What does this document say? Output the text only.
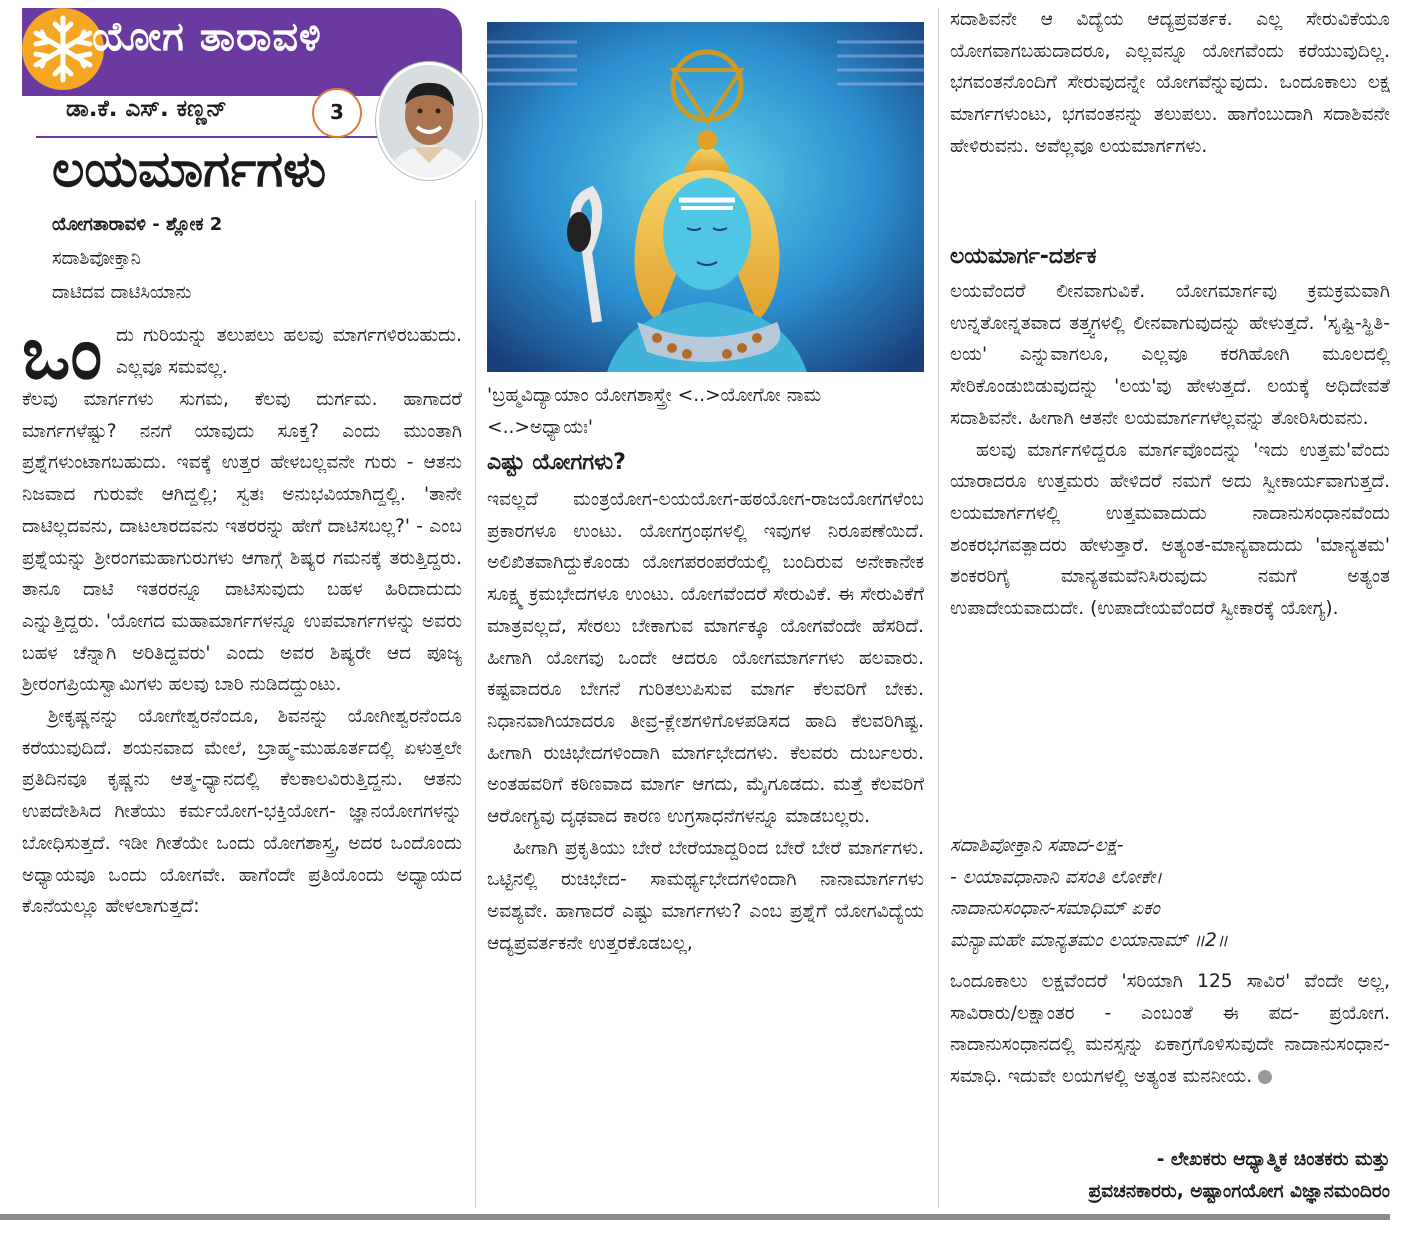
ಯೋಗ ತಾರಾವಳಿ
ಡಾ.ಕೆ. ಎಸ್. ಕಣ್ಣನ್	3
ಲಯಮಾರ್ಗಗಳು
ಯೋಗತಾರಾವಳಿ - ಶ್ಲೋಕ 2
ಸದಾಶಿವೋಕ್ತಾನಿ
ದಾಟಿದವ ದಾಟಿಸಿಯಾನು
ಒಂ ದು ಗುರಿಯನ್ನು ತಲುಪಲು ಹಲವು ಮಾರ್ಗಗಳಿರಬಹುದು. ಎಲ್ಲವೂ ಸಮವಲ್ಲ.
ಕೆಲವು ಮಾರ್ಗಗಳು ಸುಗಮ, ಕೆಲವು ದುರ್ಗಮ. ಹಾಗಾದರೆ ಮಾರ್ಗಗಳೆಷ್ಟು? ನನಗೆ ಯಾವುದು ಸೂಕ್ತ? ಎಂದು ಮುಂತಾಗಿ ಪ್ರಶ್ನೆಗಳುಂಟಾಗಬಹುದು. ಇವಕ್ಕೆ ಉತ್ತರ ಹೇಳಬಲ್ಲವನೇ ಗುರು - ಆತನು ನಿಜವಾದ ಗುರುವೇ ಆಗಿದ್ದಲ್ಲಿ; ಸ್ವತಃ ಅನುಭವಿಯಾಗಿದ್ದಲ್ಲಿ. 'ತಾನೇ ದಾಟಿಲ್ಲದವನು, ದಾಟಲಾರದವನು ಇತರರನ್ನು ಹೇಗೆ ದಾಟಿಸಬಲ್ಲ?' - ಎಂಬ ಪ್ರಶ್ನೆಯನ್ನು ಶ್ರೀರಂಗಮಹಾಗುರುಗಳು ಆಗಾಗ್ಗೆ ಶಿಷ್ಯರ ಗಮನಕ್ಕೆ ತರುತ್ತಿದ್ದರು. ತಾನೂ ದಾಟಿ ಇತರರನ್ನೂ ದಾಟಿಸುವುದು ಬಹಳ ಹಿರಿದಾದುದು ಎನ್ನುತ್ತಿದ್ದರು. 'ಯೋಗದ ಮಹಾಮಾರ್ಗಗಳನ್ನೂ ಉಪಮಾರ್ಗಗಳನ್ನು ಅವರು ಬಹಳ ಚೆನ್ನಾಗಿ ಅರಿತಿದ್ದವರು' ಎಂದು ಅವರ ಶಿಷ್ಯರೇ ಆದ ಪೂಜ್ಯ ಶ್ರೀರಂಗಪ್ರಿಯಸ್ವಾಮಿಗಳು ಹಲವು ಬಾರಿ ನುಡಿದದ್ದುಂಟು.
ಶ್ರೀಕೃಷ್ಣನನ್ನು ಯೋಗೇಶ್ವರನೆಂದೂ, ಶಿವನನ್ನು ಯೋಗೀಶ್ವರನೆಂದೂ ಕರೆಯುವುದಿದೆ. ಶಯನವಾದ ಮೇಲೆ, ಬ್ರಾಹ್ಮ-ಮುಹೂರ್ತದಲ್ಲಿ ಏಳುತ್ತಲೇ ಪ್ರತಿದಿನವೂ ಕೃಷ್ಣನು ಆತ್ಮ-ಧ್ಯಾನದಲ್ಲಿ ಕೆಲಕಾಲವಿರುತ್ತಿದ್ದನು. ಆತನು ಉಪದೇಶಿಸಿದ ಗೀತೆಯು ಕರ್ಮಯೋಗ-ಭಕ್ತಿಯೋಗ- ಜ್ಞಾನಯೋಗಗಳನ್ನು ಬೋಧಿಸುತ್ತದೆ. ಇಡೀ ಗೀತೆಯೇ ಒಂದು ಯೋಗಶಾಸ್ತ್ರ, ಅದರ ಒಂದೊಂದು ಅಧ್ಯಾಯವೂ ಒಂದು ಯೋಗವೇ. ಹಾಗೆಂದೇ ಪ್ರತಿಯೊಂದು ಅಧ್ಯಾಯದ ಕೊನೆಯಲ್ಲೂ ಹೇಳಲಾಗುತ್ತದೆ:
'ಬ್ರಹ್ಮವಿದ್ಯಾಯಾಂ ಯೋಗಶಾಸ್ತ್ರೇ <..>ಯೋಗೋ ನಾಮ <..>ಅಧ್ಯಾಯಃ'
ಎಷ್ಟು ಯೋಗಗಳು?
ಇವಲ್ಲದೆ ಮಂತ್ರಯೋಗ-ಲಯಯೋಗ-ಹಠಯೋಗ-ರಾಜಯೋಗಗಳೆಂಬ ಪ್ರಕಾರಗಳೂ ಉಂಟು. ಯೋಗಗ್ರಂಥಗಳಲ್ಲಿ ಇವುಗಳ ನಿರೂಪಣೆಯಿದೆ. ಅಲಿಖಿತವಾಗಿದ್ದುಕೊಂಡು ಯೋಗಪರಂಪರೆಯಲ್ಲಿ ಬಂದಿರುವ ಅನೇಕಾನೇಕ ಸೂಕ್ಷ್ಮ ಕ್ರಮಭೇದಗಳೂ ಉಂಟು. ಯೋಗವೆಂದರೆ ಸೇರುವಿಕೆ. ಈ ಸೇರುವಿಕೆಗೆ ಮಾತ್ರವಲ್ಲದೆ, ಸೇರಲು ಬೇಕಾಗುವ ಮಾರ್ಗಕ್ಕೂ ಯೋಗವೆಂದೇ ಹೆಸರಿದೆ. ಹೀಗಾಗಿ ಯೋಗವು ಒಂದೇ ಆದರೂ ಯೋಗಮಾರ್ಗಗಳು ಹಲವಾರು. ಕಷ್ಟವಾದರೂ ಬೇಗನೆ ಗುರಿತಲುಪಿಸುವ ಮಾರ್ಗ ಕೆಲವರಿಗೆ ಬೇಕು. ನಿಧಾನವಾಗಿಯಾದರೂ ತೀವ್ರ-ಕ್ಲೇಶಗಳಿಗೊಳಪಡಿಸದ ಹಾದಿ ಕೆಲವರಿಗಿಷ್ಟ. ಹೀಗಾಗಿ ರುಚಿಭೇದಗಳಿಂದಾಗಿ ಮಾರ್ಗಭೇದಗಳು. ಕೆಲವರು ದುರ್ಬಲರು. ಅಂತಹವರಿಗೆ ಕಠಿಣವಾದ ಮಾರ್ಗ ಆಗದು, ಮೈಗೂಡದು. ಮತ್ತೆ ಕೆಲವರಿಗೆ ಆರೋಗ್ಯವು ದೃಢವಾದ ಕಾರಣ ಉಗ್ರಸಾಧನೆಗಳನ್ನೂ ಮಾಡಬಲ್ಲರು.
ಹೀಗಾಗಿ ಪ್ರಕೃತಿಯು ಬೇರೆ ಬೇರೆಯಾದ್ದರಿಂದ ಬೇರೆ ಬೇರೆ ಮಾರ್ಗಗಳು. ಒಟ್ಟಿನಲ್ಲಿ ರುಚಿಭೇದ- ಸಾಮರ್ಥ್ಯಭೇದಗಳಿಂದಾಗಿ ನಾನಾಮಾರ್ಗಗಳು ಅವಶ್ಯವೇ. ಹಾಗಾದರೆ ಎಷ್ಟು ಮಾರ್ಗಗಳು? ಎಂಬ ಪ್ರಶ್ನೆಗೆ ಯೋಗವಿದ್ಯೆಯ ಆದ್ಯಪ್ರವರ್ತಕನೇ ಉತ್ತರಕೊಡಬಲ್ಲ,
ಸದಾಶಿವನೇ ಆ ವಿದ್ಯೆಯ ಆದ್ಯಪ್ರವರ್ತಕ. ಎಲ್ಲ ಸೇರುವಿಕೆಯೂ ಯೋಗವಾಗಬಹುದಾದರೂ, ಎಲ್ಲವನ್ನೂ ಯೋಗವೆಂದು ಕರೆಯುವುದಿಲ್ಲ. ಭಗವಂತನೊಂದಿಗೆ ಸೇರುವುದನ್ನೇ ಯೋಗವೆನ್ನುವುದು. ಒಂದೂಕಾಲು ಲಕ್ಷ ಮಾರ್ಗಗಳುಂಟು, ಭಗವಂತನನ್ನು ತಲುಪಲು. ಹಾಗೆಂಬುದಾಗಿ ಸದಾಶಿವನೇ ಹೇಳಿರುವನು. ಅವೆಲ್ಲವೂ ಲಯಮಾರ್ಗಗಳು.
ಲಯಮಾರ್ಗ-ದರ್ಶಕ
ಲಯವೆಂದರೆ ಲೀನವಾಗುವಿಕೆ. ಯೋಗಮಾರ್ಗವು ಕ್ರಮಕ್ರಮವಾಗಿ ಉನ್ನತೋನ್ನತವಾದ ತತ್ತ್ವಗಳಲ್ಲಿ ಲೀನವಾಗುವುದನ್ನು ಹೇಳುತ್ತದೆ. 'ಸೃಷ್ಟಿ-ಸ್ಥಿತಿ-ಲಯ' ಎನ್ನುವಾಗಲೂ, ಎಲ್ಲವೂ ಕರಗಿಹೋಗಿ ಮೂಲದಲ್ಲಿ ಸೇರಿಕೊಂಡುಬಿಡುವುದನ್ನು 'ಲಯ'ವು ಹೇಳುತ್ತದೆ. ಲಯಕ್ಕೆ ಅಧಿದೇವತೆ ಸದಾಶಿವನೇ. ಹೀಗಾಗಿ ಆತನೇ ಲಯಮಾರ್ಗಗಳೆಲ್ಲವನ್ನು ತೋರಿಸಿರುವನು.
ಹಲವು ಮಾರ್ಗಗಳಿದ್ದರೂ ಮಾರ್ಗವೊಂದನ್ನು 'ಇದು ಉತ್ತಮ'ವೆಂದು ಯಾರಾದರೂ ಉತ್ತಮರು ಹೇಳಿದರೆ ನಮಗೆ ಅದು ಸ್ವೀಕಾರ್ಯವಾಗುತ್ತದೆ. ಲಯಮಾರ್ಗಗಳಲ್ಲಿ ಉತ್ತಮವಾದುದು ನಾದಾನುಸಂಧಾನವೆಂದು ಶಂಕರಭಗವತ್ಪಾದರು ಹೇಳುತ್ತಾರೆ. ಅತ್ಯಂತ-ಮಾನ್ಯವಾದುದು 'ಮಾನ್ಯತಮ' ಶಂಕರರಿಗೈ ಮಾನ್ಯತಮವೆನಿಸಿರುವುದು ನಮಗೆ ಅತ್ಯಂತ ಉಪಾದೇಯವಾದುದೇ. (ಉಪಾದೇಯವೆಂದರೆ ಸ್ವೀಕಾರಕ್ಕೆ ಯೋಗ್ಯ).
ಸದಾಶಿವೋಕ್ತಾನಿ ಸಪಾದ-ಲಕ್ಷ-
- ಲಯಾವಧಾನಾನಿ ವಸಂತಿ ಲೋಕೇ।
ನಾದಾನುಸಂಧಾನ-ಸಮಾಧಿಮ್ ಏಕಂ
ಮನ್ಯಾಮಹೇ ಮಾನ್ಯತಮಂ ಲಯಾನಾಮ್ ॥2॥
ಒಂದೂಕಾಲು ಲಕ್ಷವೆಂದರೆ 'ಸರಿಯಾಗಿ 125 ಸಾವಿರ' ವೆಂದೇ ಅಲ್ಲ, ಸಾವಿರಾರು/ಲಕ್ಷಾಂತರ - ಎಂಬಂತೆ ಈ ಪದ- ಪ್ರಯೋಗ. ನಾದಾನುಸಂಧಾನದಲ್ಲಿ ಮನಸ್ಸನ್ನು ಏಕಾಗ್ರಗೊಳಿಸುವುದೇ ನಾದಾನುಸಂಧಾನ-ಸಮಾಧಿ. ಇದುವೇ ಲಯಗಳಲ್ಲಿ ಅತ್ಯಂತ ಮನನೀಯ.
- ಲೇಖಕರು ಆಧ್ಯಾತ್ಮಿಕ ಚಿಂತಕರು ಮತ್ತು
ಪ್ರವಚನಕಾರರು, ಅಷ್ಟಾಂಗಯೋಗ ವಿಜ್ಞಾನಮಂದಿರಂ
